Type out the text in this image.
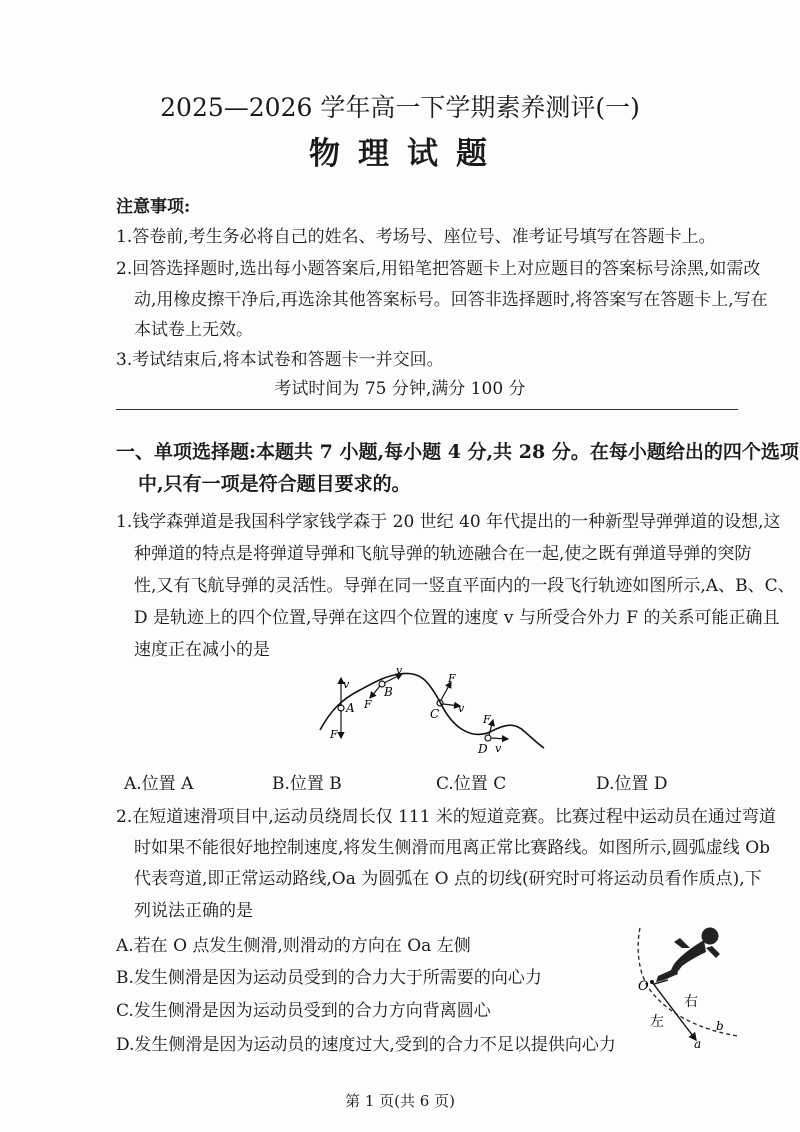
2025—2026 学年高一下学期素养测评(一)
物理试题
注意事项:
1.答卷前,考生务必将自己的姓名、考场号、座位号、准考证号填写在答题卡上。
2.回答选择题时,选出每小题答案后,用铅笔把答题卡上对应题目的答案标号涂黑,如需改
动,用橡皮擦干净后,再选涂其他答案标号。回答非选择题时,将答案写在答题卡上,写在
本试卷上无效。
3.考试结束后,将本试卷和答题卡一并交回。
考试时间为 75 分钟,满分 100 分
一、单项选择题:本题共 7 小题,每小题 4 分,共 28 分。在每小题给出的四个选项
中,只有一项是符合题目要求的。
1.钱学森弹道是我国科学家钱学森于 20 世纪 40 年代提出的一种新型导弹弹道的设想,这
种弹道的特点是将弹道导弹和飞航导弹的轨迹融合在一起,使之既有弹道导弹的突防
性,又有飞航导弹的灵活性。导弹在同一竖直平面内的一段飞行轨迹如图所示,A、B、C、
D 是轨迹上的四个位置,导弹在这四个位置的速度 v 与所受合外力 F 的关系可能正确且
速度正在减小的是
v
A
F
v
B
F
F
C v
F
D v
A.位置 A	B.位置 B	C.位置 C	D.位置 D
2.在短道速滑项目中,运动员绕周长仅 111 米的短道竞赛。比赛过程中运动员在通过弯道
时如果不能很好地控制速度,将发生侧滑而甩离正常比赛路线。如图所示,圆弧虚线 Ob
代表弯道,即正常运动路线,Oa 为圆弧在 O 点的切线(研究时可将运动员看作质点),下
列说法正确的是
A.若在 O 点发生侧滑,则滑动的方向在 Oa 左侧
B.发生侧滑是因为运动员受到的合力大于所需要的向心力
C.发生侧滑是因为运动员受到的合力方向背离圆心
D.发生侧滑是因为运动员的速度过大,受到的合力不足以提供向心力
O
右
左
a
b
第 1 页(共 6 页)
